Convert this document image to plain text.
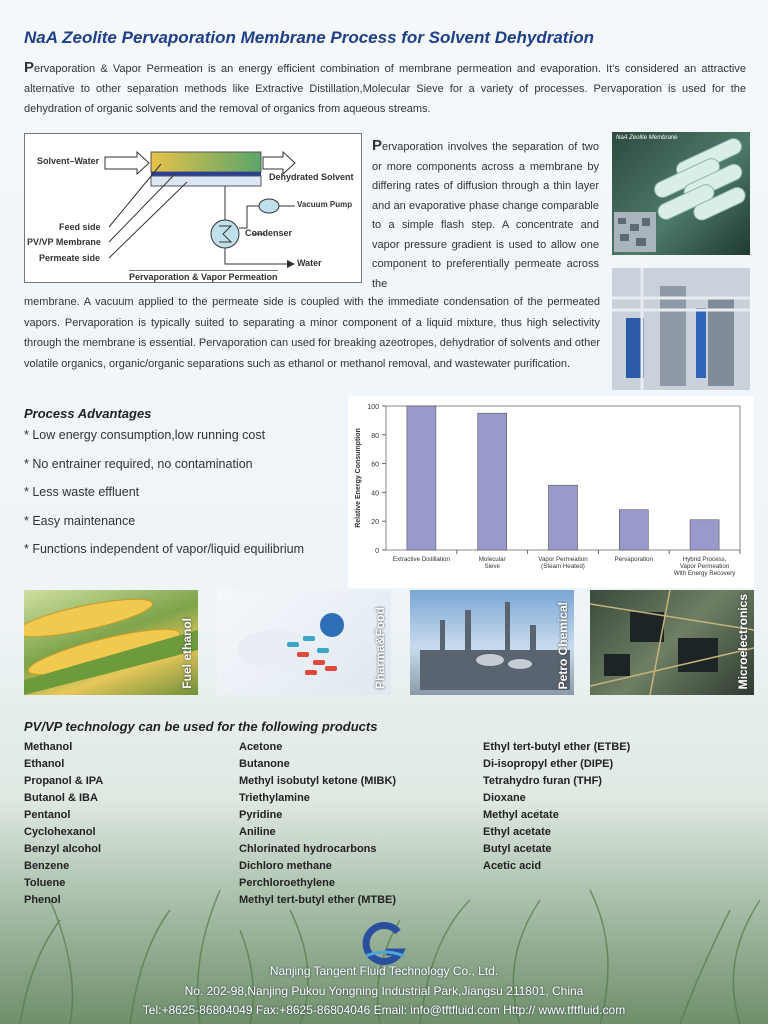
NaA Zeolite Pervaporation Membrane Process for Solvent Dehydration
Pervaporation & Vapor Permeation is an energy efficient combination of membrane permeation and evaporation. It's considered an attractive alternative to other separation methods like Extractive Distillation,Molecular Sieve for a variety of processes. Pervaporation is used for the dehydration of organic solvents and the removal of organics from aqueous streams.
Solvent–Water
Dehydrated Solvent
Vacuum Pump
Feed side
PV/VP Membrane
Condenser
Permeate side	Water
Pervaporation & Vapor Permeation
Pervaporation involves the separation of two or more components across a membrane by differing rates of diffusion through a thin layer and an evaporative phase change comparable to a simple flash step. A concentrate and vapor pressure gradient is used to allow one component to preferentially permeate across the
membrane. A vacuum applied to the permeate side is coupled with the immediate condensation of the permeated vapors. Pervaporation is typically suited to separating a minor component of a liquid mixture, thus high selectivity through the membrane is essential. Pervaporation can used for breaking azeotropes, dehydratior of solvents and other volatile organics, organic/organic separations such as ethanol or methanol removal, and wastewater purification.
NaA Zeolite Membrane
Process Advantages
* Low energy consumption,low running cost
* No entrainer required, no contamination
* Less waste effluent
* Easy maintenance
* Functions independent of vapor/liquid equilibrium	0
20
40
60
80
100
Relative Energy Consumption
Extractive Distillation	Molecular
Sieve
Vapor Permeation
(Steam Heated)
Pervaporation	Hybrid Process,
Vapor Permeation
With Energy Recovery
Fuel ethanol	Pharma&Food	Petro Chemical	Microelectronics
PV/VP technology can be used for the following products
Methanol
Ethanol
Propanol & IPA
Butanol & IBA
Pentanol
Cyclohexanol
Benzyl alcohol
Benzene
Toluene
Phenol
Acetone
Butanone
Methyl isobutyl ketone (MIBK)
Triethylamine
Pyridine
Aniline
Chlorinated hydrocarbons
Dichloro methane
Perchloroethylene
Methyl tert-butyl ether (MTBE)
Ethyl tert-butyl ether (ETBE)
Di-isopropyl ether (DIPE)
Tetrahydro furan (THF)
Dioxane
Methyl acetate
Ethyl acetate
Butyl acetate
Acetic acid
Nanjing Tangent Fluid Technology Co., Ltd.
No. 202-98,Nanjing Pukou Yongning Industrial Park,Jiangsu 211801, China
Tel:+8625-86804049 Fax:+8625-86804046 Email: info@tftfluid.com Http:// www.tftfluid.com
